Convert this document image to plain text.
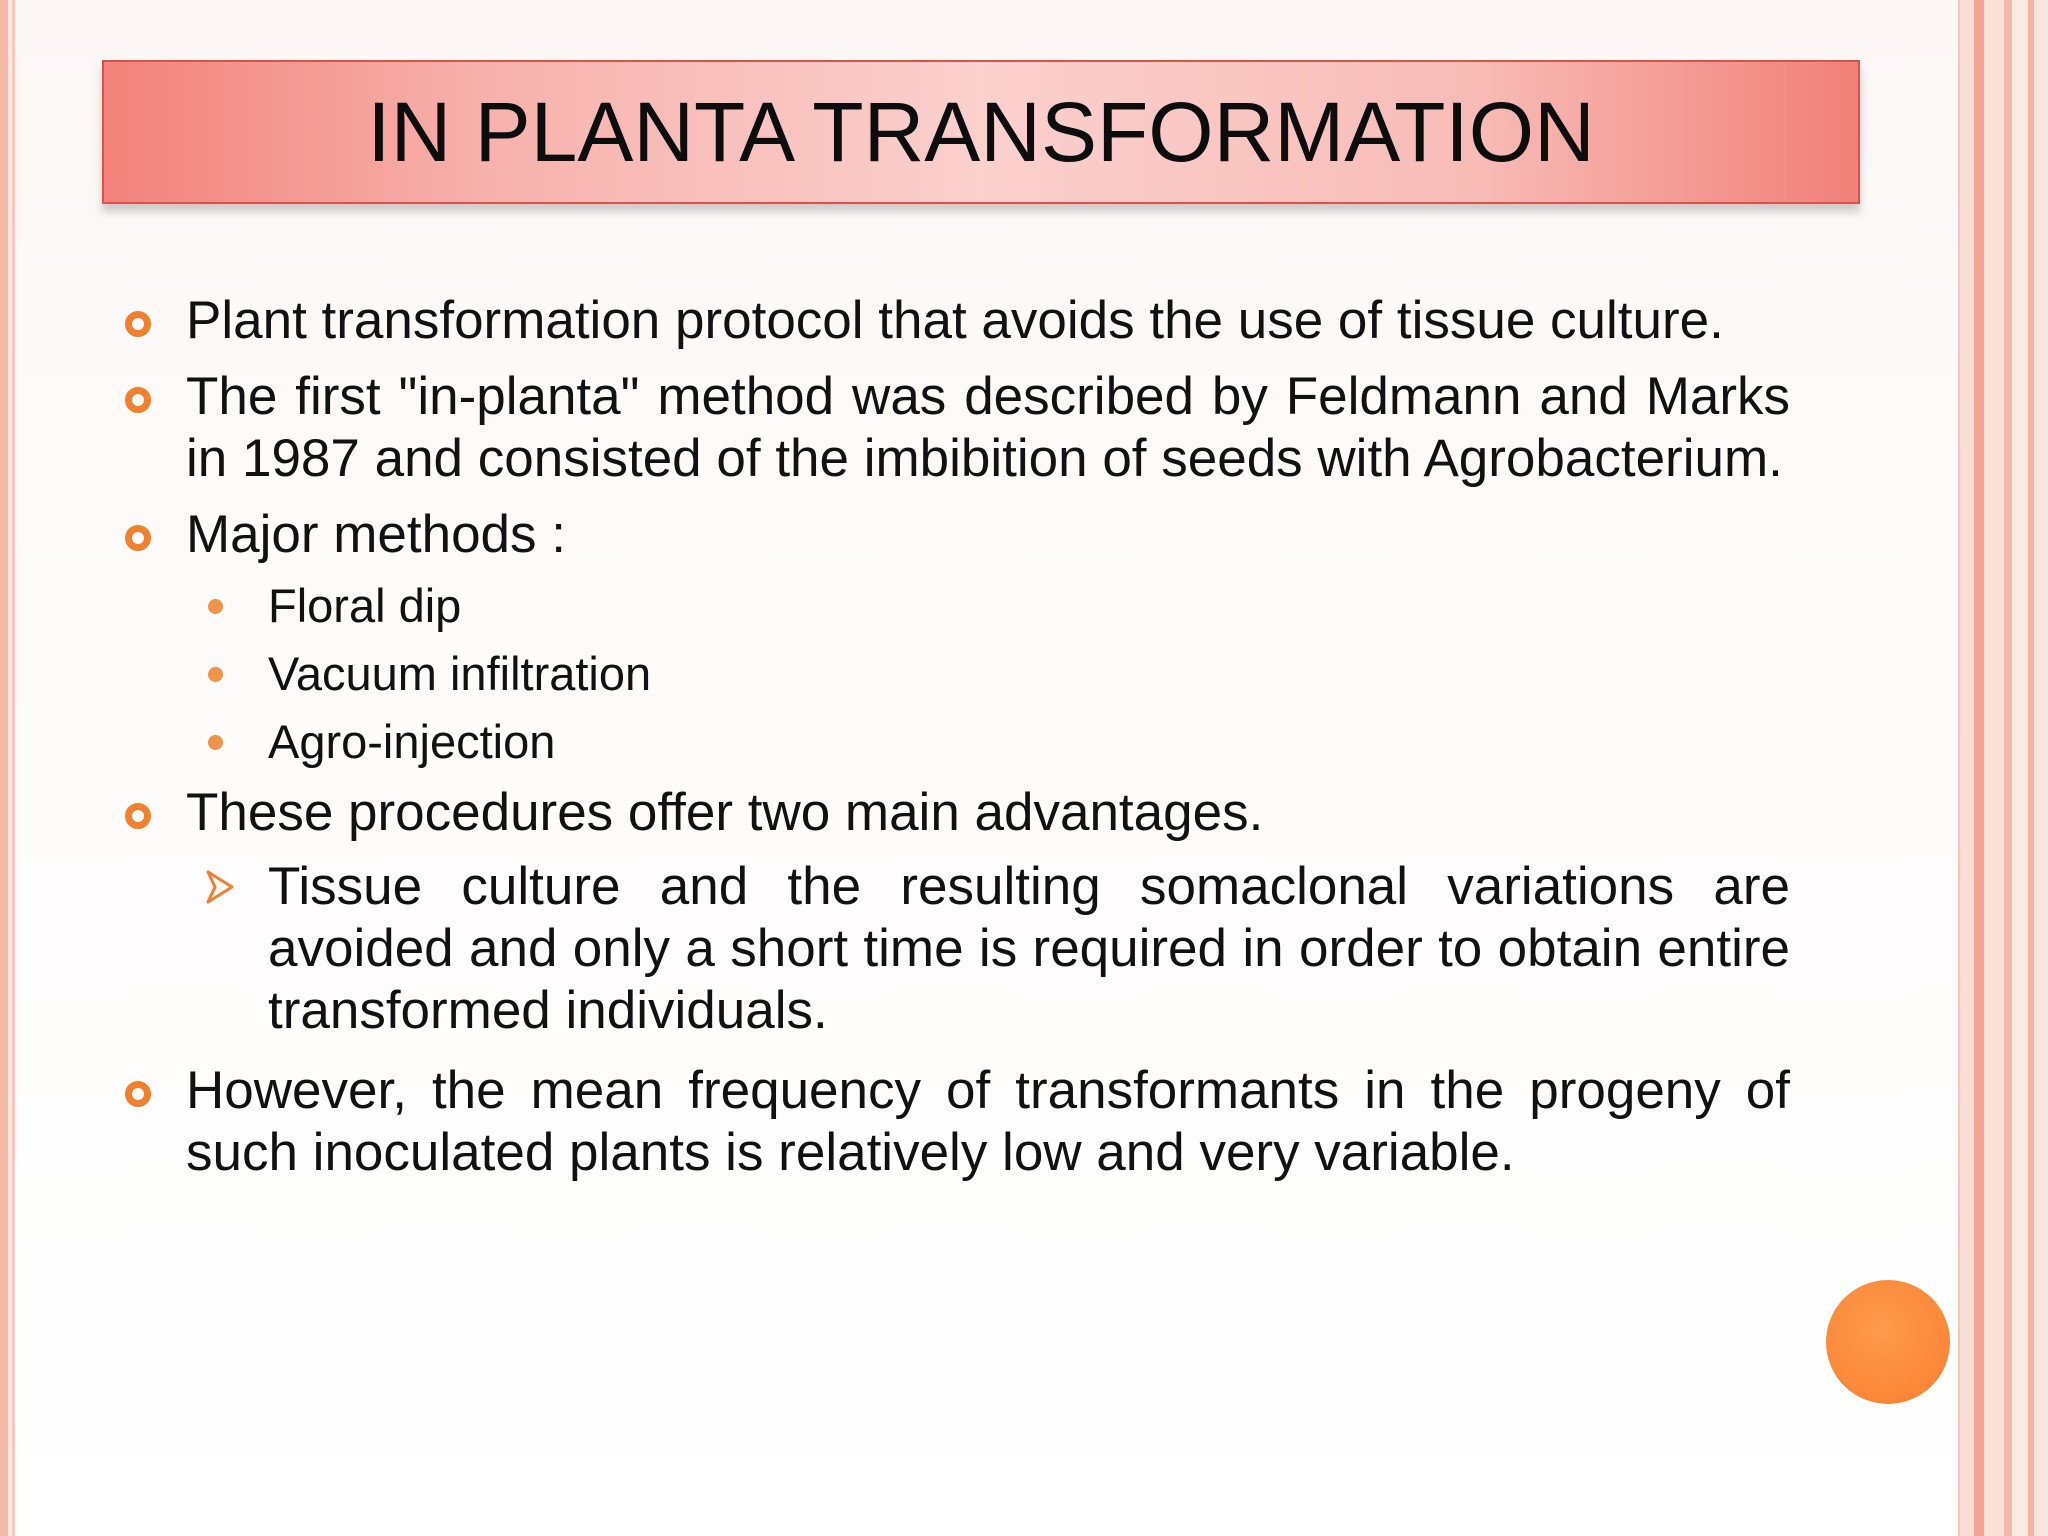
IN PLANTA TRANSFORMATION
Plant transformation protocol that avoids the use of tissue culture.
The first "in-planta" method was described by Feldmann and Marks in 1987 and consisted of the imbibition of seeds with Agrobacterium.
Major methods :
Floral dip
Vacuum infiltration
Agro-injection
These procedures offer two main advantages.
Tissue culture and the resulting somaclonal variations are avoided and only a short time is required in order to obtain entire transformed individuals.
However, the mean frequency of transformants in the progeny of such inoculated plants is relatively low and very variable.
